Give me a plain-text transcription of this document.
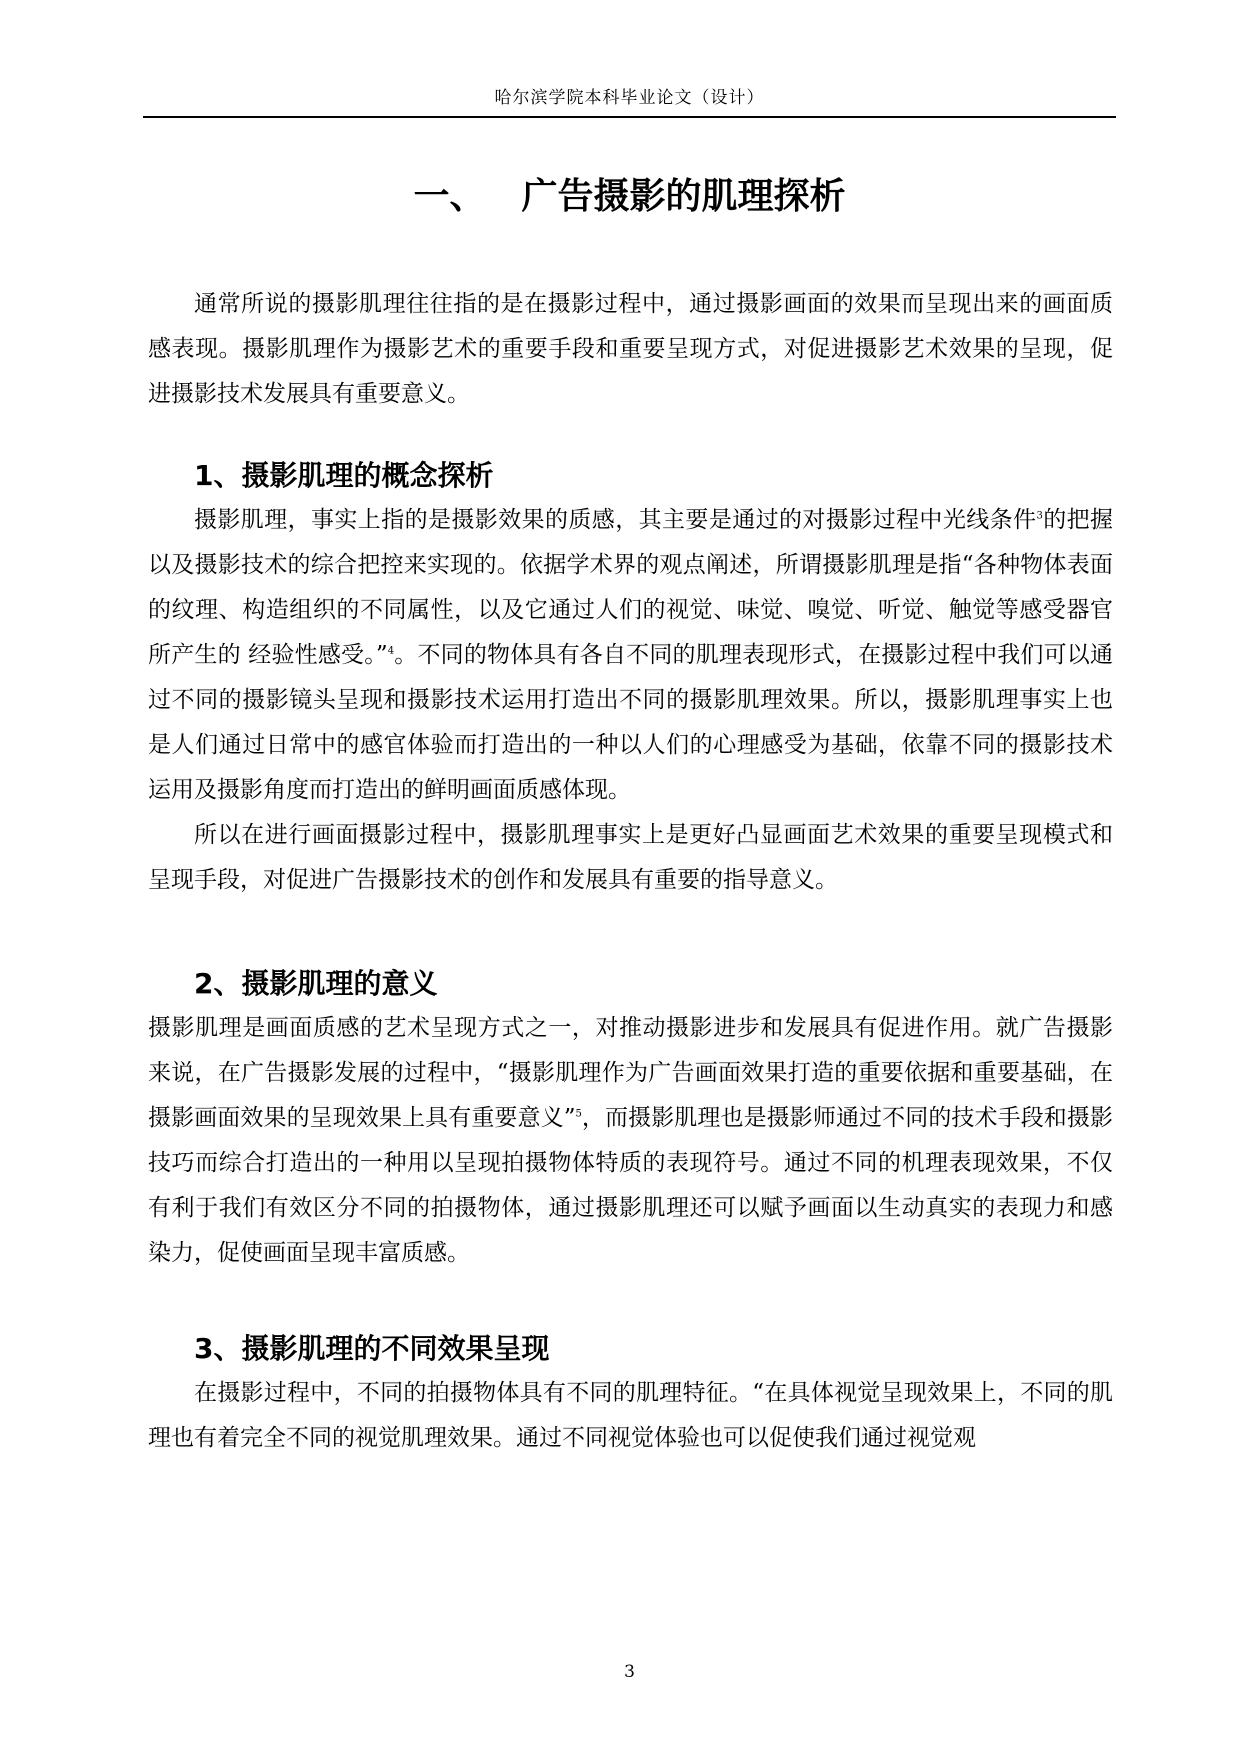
哈尔滨学院本科毕业论文（设计）
一、 广告摄影的肌理探析

通常所说的摄影肌理往往指的是在摄影过程中，通过摄影画面的效果而呈现出来的画面质感表现。摄影肌理作为摄影艺术的重要手段和重要呈现方式，对促进摄影艺术效果的呈现，促进摄影技术发展具有重要意义。

1、摄影肌理的概念探析

摄影肌理，事实上指的是摄影效果的质感，其主要是通过的对摄影过程中光线条件$^3$的把握以及摄影技术的综合把控来实现的。依据学术界的观点阐述，所谓摄影肌理是指“各种物体表面的纹理、构造组织的不同属性，以及它通过人们的视觉、味觉、嗅觉、听觉、触觉等感受器官所产生的 经验性感受。”$^4$。不同的物体具有各自不同的肌理表现形式，在摄影过程中我们可以通过不同的摄影镜头呈现和摄影技术运用打造出不同的摄影肌理效果。所以，摄影肌理事实上也是人们通过日常中的感官体验而打造出的一种以人们的心理感受为基础，依靠不同的摄影技术运用及摄影角度而打造出的鲜明画面质感体现。

所以在进行画面摄影过程中，摄影肌理事实上是更好凸显画面艺术效果的重要呈现模式和呈现手段，对促进广告摄影技术的创作和发展具有重要的指导意义。

2、摄影肌理的意义

摄影肌理是画面质感的艺术呈现方式之一，对推动摄影进步和发展具有促进作用。就广告摄影来说，在广告摄影发展的过程中，“摄影肌理作为广告画面效果打造的重要依据和重要基础，在摄影画面效果的呈现效果上具有重要意义”$^5$，而摄影肌理也是摄影师通过不同的技术手段和摄影技巧而综合打造出的一种用以呈现拍摄物体特质的表现符号。通过不同的机理表现效果，不仅有利于我们有效区分不同的拍摄物体，通过摄影肌理还可以赋予画面以生动真实的表现力和感染力，促使画面呈现丰富质感。

3、摄影肌理的不同效果呈现

在摄影过程中，不同的拍摄物体具有不同的肌理特征。“在具体视觉呈现效果上，不同的肌理也有着完全不同的视觉肌理效果。通过不同视觉体验也可以促使我们通过视觉观

3
